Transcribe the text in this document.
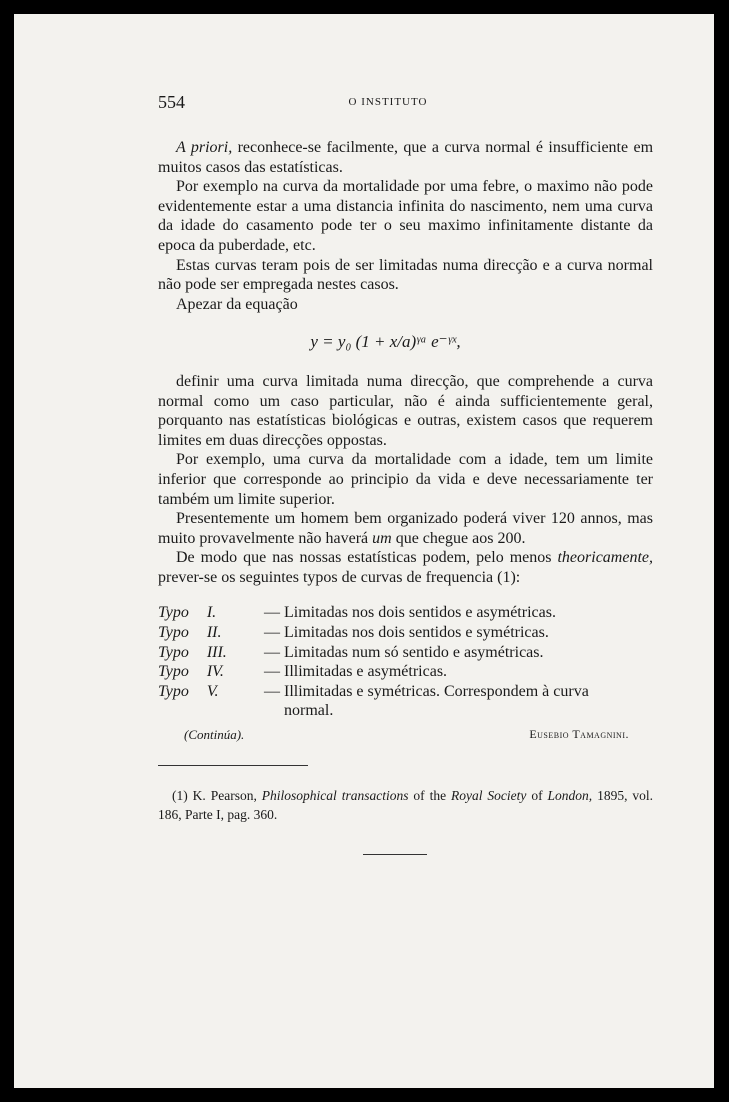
554	O INSTITUTO

A priori, reconhece-se facilmente, que a curva normal é insufficiente em muitos casos das estatísticas.

Por exemplo na curva da mortalidade por uma febre, o maximo não pode evidentemente estar a uma distancia infinita do nascimento, nem uma curva da idade do casamento pode ter o seu maximo infinitamente distante da epoca da puberdade, etc.

Estas curvas teram pois de ser limitadas numa direcção e a curva normal não pode ser empregada nestes casos.

Apezar da equação

y = y₀ (1 + x/a)ᵞᵃ e⁻ᵞˣ,

definir uma curva limitada numa direcção, que comprehende a curva normal como um caso particular, não é ainda sufficientemente geral, porquanto nas estatísticas biológicas e outras, existem casos que requerem limites em duas direcções oppostas.

Por exemplo, uma curva da mortalidade com a idade, tem um limite inferior que corresponde ao principio da vida e deve necessariamente ter também um limite superior.

Presentemente um homem bem organizado poderá viver 120 annos, mas muito provavelmente não haverá um que chegue aos 200.

De modo que nas nossas estatísticas podem, pelo menos theoricamente, prever-se os seguintes typos de curvas de frequencia (1):

Typo I.	— Limitadas nos dois sentidos e asymétricas.
Typo II.	— Limitadas nos dois sentidos e symétricas.
Typo III.	— Limitadas num só sentido e asymétricas.
Typo IV.	— Illimitadas e asymétricas.
Typo V.	— Illimitadas e symétricas. Correspondem à curva
normal.
(Continúa).	Eusebio Tamagnini.
(1) K. Pearson, Philosophical transactions of the Royal Society of London, 1895, vol. 186, Parte I, pag. 360.
